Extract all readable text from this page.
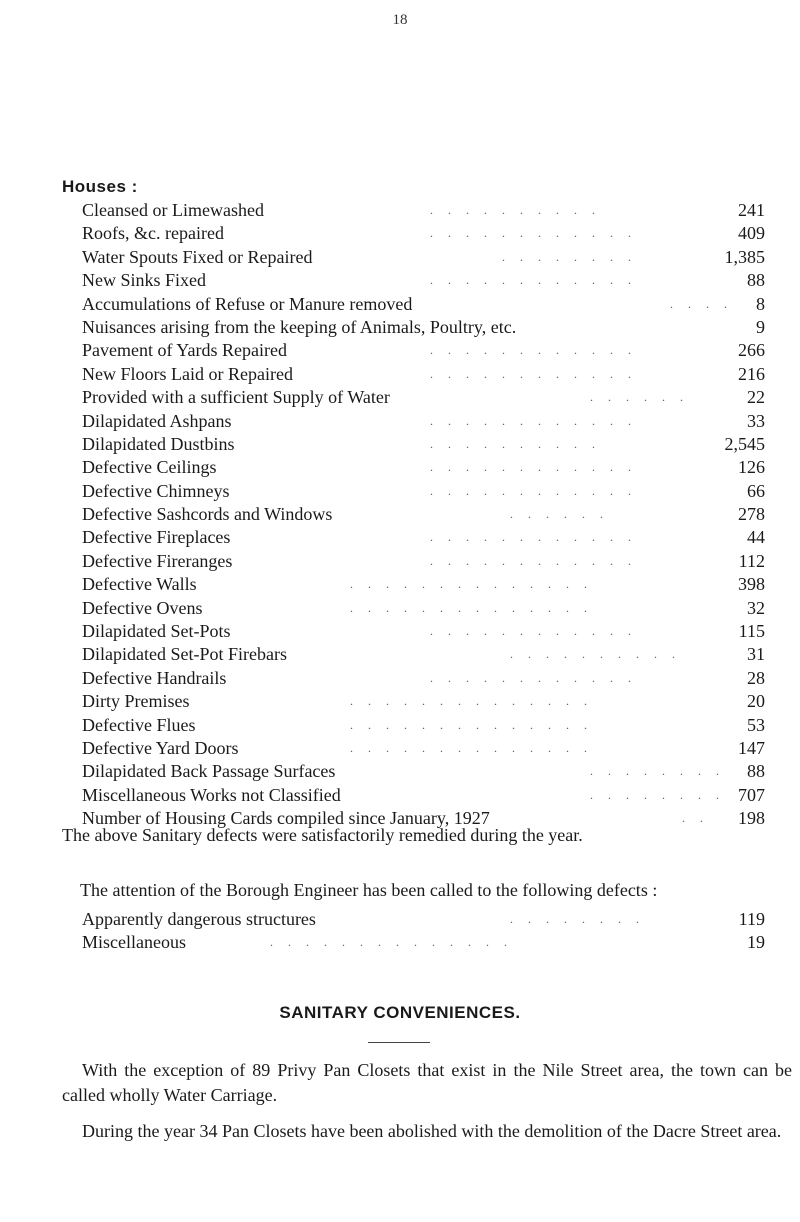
18
Houses :
Cleansed or Limewashed	. . . . . . . . . .	241
Roofs, &c. repaired	. . . . . . . . . . . .	409
Water Spouts Fixed or Repaired	. . . . . . . .	1,385
New Sinks Fixed	. . . . . . . . . . . .	88
Accumulations of Refuse or Manure removed	. . . . 8
Nuisances arising from the keeping of Animals, Poultry, etc.	9
Pavement of Yards Repaired	. . . . . . . . . . . .	266
New Floors Laid or Repaired	. . . . . . . . . . . .	216
Provided with a sufficient Supply of Water	. . . . . .	22
Dilapidated Ashpans	. . . . . . . . . . . .	33
Dilapidated Dustbins	. . . . . . . . . .	2,545
Defective Ceilings	. . . . . . . . . . . .	126
Defective Chimneys	. . . . . . . . . . . .	66
Defective Sashcords and Windows	. . . . . .	278
Defective Fireplaces	. . . . . . . . . . . .	44
Defective Fireranges	. . . . . . . . . . . .	112
Defective Walls	. . . . . . . . . . . . . .	398
Defective Ovens	. . . . . . . . . . . . . .	32
Dilapidated Set-Pots	. . . . . . . . . . . .	115
Dilapidated Set-Pot Firebars	. . . . . . . . . .	31
Defective Handrails	. . . . . . . . . . . .	28
Dirty Premises	. . . . . . . . . . . . . .	20
Defective Flues	. . . . . . . . . . . . . .	53
Defective Yard Doors	. . . . . . . . . . . . . .	147
Dilapidated Back Passage Surfaces	. . . . . . . . 88
Miscellaneous Works not Classified	. . . . . . . . 707
Number of Housing Cards compiled since January, 1927	. . 198
The above Sanitary defects were satisfactorily remedied during the year.
The attention of the Borough Engineer has been called to the following defects :
Apparently dangerous structures	. . . . . . . .	119
Miscellaneous	. . . . . . . . . . . . . .	19
SANITARY CONVENIENCES.
With the exception of 89 Privy Pan Closets that exist in the Nile Street area, the town can be called wholly Water Carriage.
During the year 34 Pan Closets have been abolished with the demolition of the Dacre Street area.
